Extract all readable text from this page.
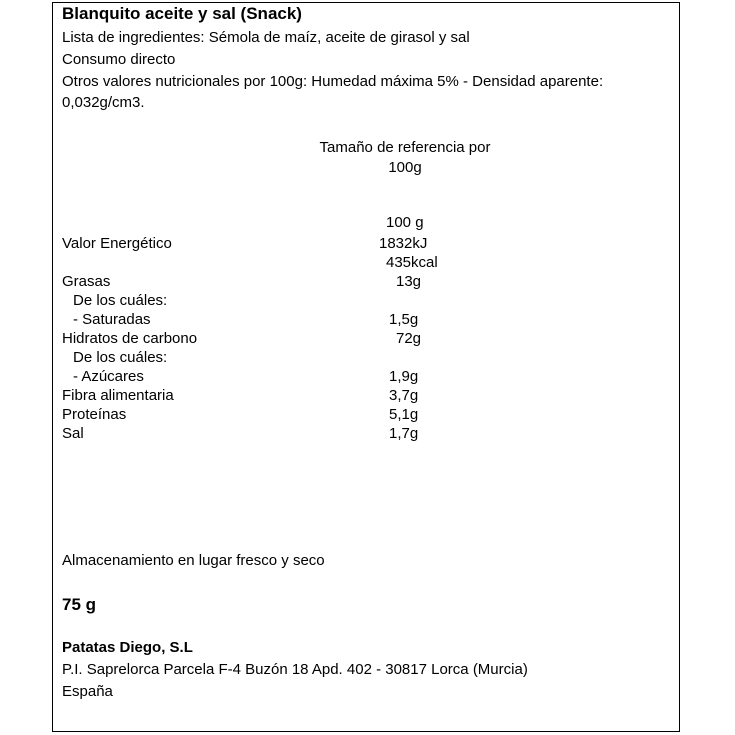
Blanquito aceite y sal (Snack)
Lista de ingredientes: Sémola de maíz, aceite de girasol y sal
Consumo directo
Otros valores nutricionales por 100g: Humedad máxima 5% - Densidad aparente:
0,032g/cm3.
Tamaño de referencia por
100g
100 g
Valor Energético	1832kJ
435kcal
Grasas	13g
De los cuáles:
- Saturadas	1,5g
Hidratos de carbono	72g
De los cuáles:
- Azúcares	1,9g
Fibra alimentaria	3,7g
Proteínas	5,1g
Sal	1,7g
Almacenamiento en lugar fresco y seco
75 g
Patatas Diego, S.L
P.I. Saprelorca Parcela F-4 Buzón 18 Apd. 402 - 30817 Lorca (Murcia)
España
